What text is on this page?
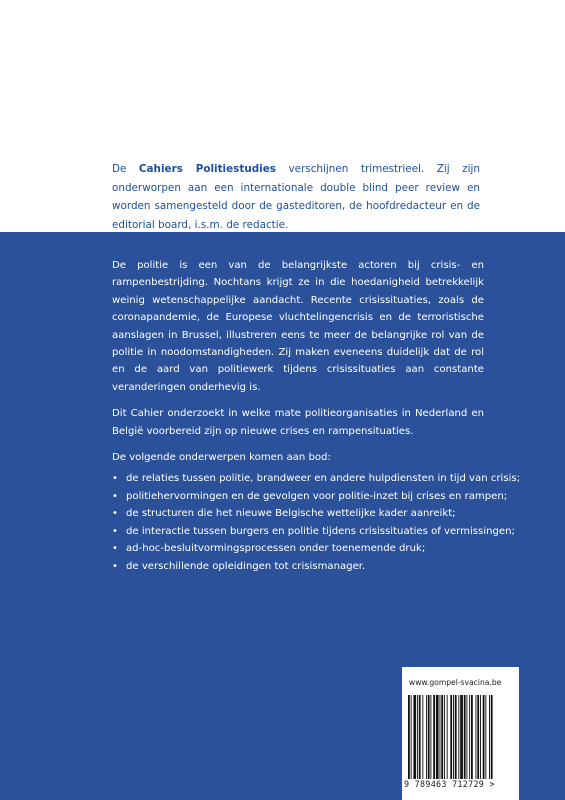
De Cahiers Politiestudies verschijnen trimestrieel. Zij zijn onderworpen aan een internationale double blind peer review en worden samengesteld door de gasteditoren, de hoofdredacteur en de editorial board, i.s.m. de redactie.

De politie is een van de belangrijkste actoren bij crisis- en rampenbestrijding. Nochtans krijgt ze in die hoedanigheid betrekkelijk weinig wetenschappelijke aandacht. Recente crisissituaties, zoals de coronapandemie, de Europese vluchtelingencrisis en de terroristische aanslagen in Brussel, illustreren eens te meer de belangrijke rol van de politie in noodomstandigheden. Zij maken eveneens duidelijk dat de rol en de aard van politiewerk tijdens crisissituaties aan constante veranderingen onderhevig is.

Dit Cahier onderzoekt in welke mate politieorganisaties in Nederland en België voorbereid zijn op nieuwe crises en rampensituaties.

De volgende onderwerpen komen aan bod:

• de relaties tussen politie, brandweer en andere hulpdiensten in tijd van crisis;
• politiehervormingen en de gevolgen voor politie-inzet bij crises en rampen;
• de structuren die het nieuwe Belgische wettelijke kader aanreikt;
• de interactie tussen burgers en politie tijdens crisissituaties of vermissingen;
• ad-hoc-besluitvormingsprocessen onder toenemende druk;
• de verschillende opleidingen tot crisismanager.
www.gompel-svacina.be
9 789463 712729 >
